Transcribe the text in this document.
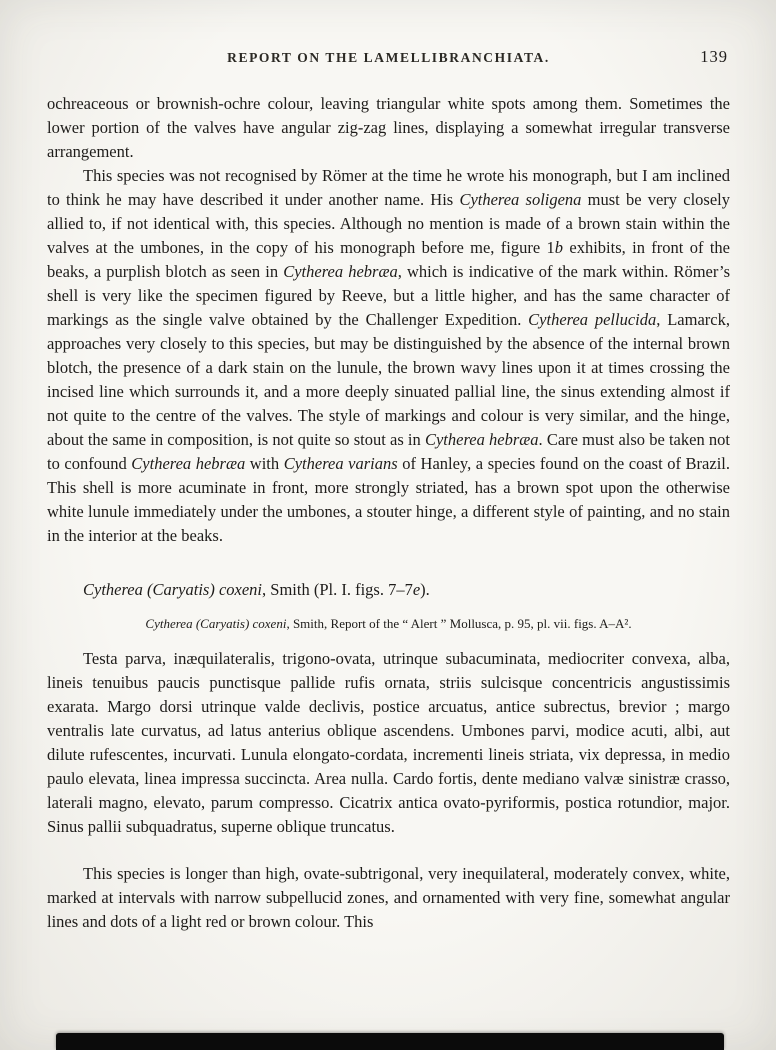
REPORT ON THE LAMELLIBRANCHIATA.	139

ochreaceous or brownish-ochre colour, leaving triangular white spots among them. Sometimes the lower portion of the valves have angular zig-zag lines, displaying a somewhat irregular transverse arrangement.

This species was not recognised by Römer at the time he wrote his monograph, but I am inclined to think he may have described it under another name. His Cytherea soligena must be very closely allied to, if not identical with, this species. Although no mention is made of a brown stain within the valves at the umbones, in the copy of his monograph before me, figure 1b exhibits, in front of the beaks, a purplish blotch as seen in Cytherea hebræa, which is indicative of the mark within. Römer’s shell is very like the specimen figured by Reeve, but a little higher, and has the same character of markings as the single valve obtained by the Challenger Expedition. Cytherea pellucida, Lamarck, approaches very closely to this species, but may be distinguished by the absence of the internal brown blotch, the presence of a dark stain on the lunule, the brown wavy lines upon it at times crossing the incised line which surrounds it, and a more deeply sinuated pallial line, the sinus extending almost if not quite to the centre of the valves. The style of markings and colour is very similar, and the hinge, about the same in composition, is not quite so stout as in Cytherea hebræa. Care must also be taken not to confound Cytherea hebræa with Cytherea varians of Hanley, a species found on the coast of Brazil. This shell is more acuminate in front, more strongly striated, has a brown spot upon the otherwise white lunule immediately under the umbones, a stouter hinge, a different style of painting, and no stain in the interior at the beaks.

Cytherea (Caryatis) coxeni, Smith (Pl. I. figs. 7–7e).

Cytherea (Caryatis) coxeni, Smith, Report of the “ Alert ” Mollusca, p. 95, pl. vii. figs. A–A².

Testa parva, inæquilateralis, trigono-ovata, utrinque subacuminata, mediocriter convexa, alba, lineis tenuibus paucis punctisque pallide rufis ornata, striis sulcisque concentricis angustissimis exarata. Margo dorsi utrinque valde declivis, postice arcuatus, antice subrectus, brevior ; margo ventralis late curvatus, ad latus anterius oblique ascendens. Umbones parvi, modice acuti, albi, aut dilute rufescentes, incurvati. Lunula elongato-cordata, incrementi lineis striata, vix depressa, in medio paulo elevata, linea impressa succincta. Area nulla. Cardo fortis, dente mediano valvæ sinistræ crasso, laterali magno, elevato, parum compresso. Cicatrix antica ovato-pyriformis, postica rotundior, major. Sinus pallii subquadratus, superne oblique truncatus.

This species is longer than high, ovate-subtrigonal, very inequilateral, moderately convex, white, marked at intervals with narrow subpellucid zones, and ornamented with very fine, somewhat angular lines and dots of a light red or brown colour. This
